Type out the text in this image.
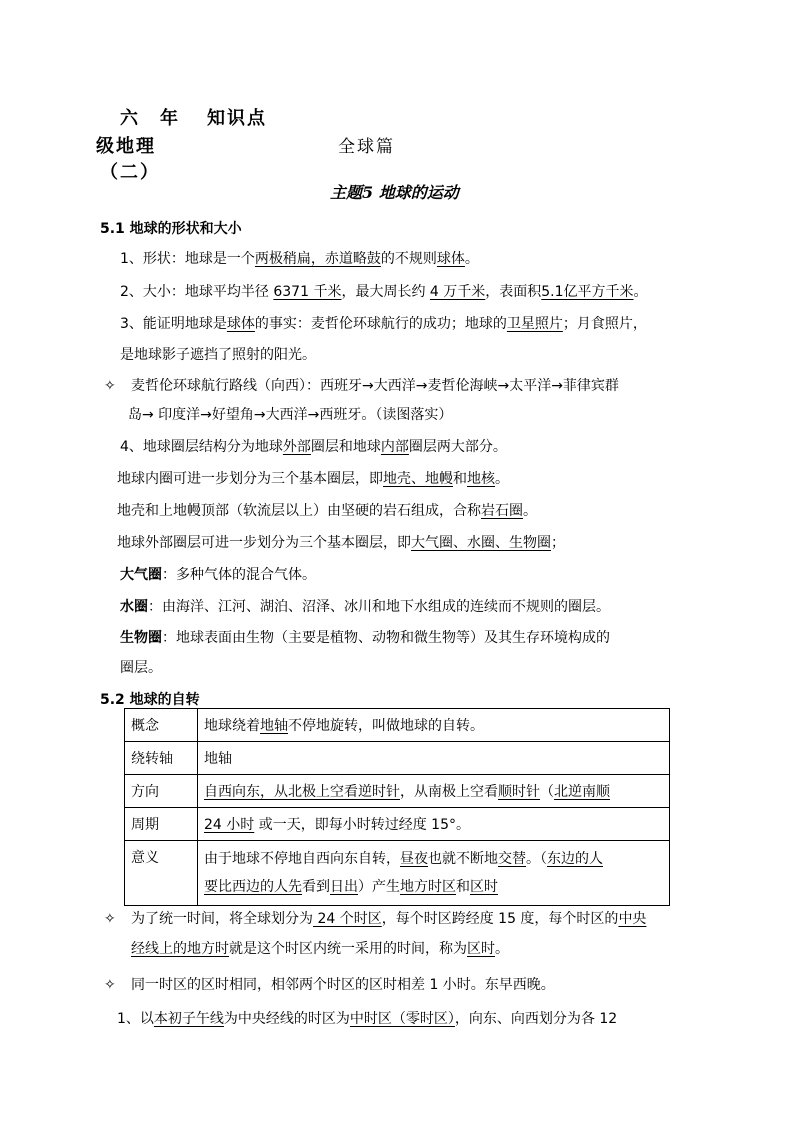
六　年 知识点
级地理	全球篇
（二）
主题5 地球的运动
5.1 地球的形状和大小
1、形状：地球是一个两极稍扁，赤道略鼓的不规则球体。
2、大小：地球平均半径 6371 千米，最大周长约 4 万千米，表面积5.1亿平方千米。
3、能证明地球是球体的事实：麦哲伦环球航行的成功；地球的卫星照片；月食照片，
是地球影子遮挡了照射的阳光。
✧ 麦哲伦环球航行路线（向西）：西班牙→大西洋→麦哲伦海峡→太平洋→菲律宾群
岛→ 印度洋→好望角→大西洋→西班牙。（读图落实）
4、地球圈层结构分为地球外部圈层和地球内部圈层两大部分。
地球内圈可进一步划分为三个基本圈层，即地壳、地幔和地核。
地壳和上地幔顶部（软流层以上）由坚硬的岩石组成，合称岩石圈。
地球外部圈层可进一步划分为三个基本圈层，即大气圈、水圈、生物圈；
大气圈：多种气体的混合气体。
水圈：由海洋、江河、湖泊、沼泽、冰川和地下水组成的连续而不规则的圈层。
生物圈：地球表面由生物（主要是植物、动物和微生物等）及其生存环境构成的
圈层。
5.2 地球的自转
概念	地球绕着地轴不停地旋转，叫做地球的自转。
绕转轴	地轴
方向	自西向东，从北极上空看逆时针，从南极上空看顺时针（北逆南顺
周期	24 小时 或一天，即每小时转过经度 15°。
意义	由于地球不停地自西向东自转，昼夜也就不断地交替。（东边的人
要比西边的人先看到日出）产生地方时区和区时
✧ 为了统一时间，将全球划分为 24 个时区，每个时区跨经度 15 度，每个时区的中央
经线上的地方时就是这个时区内统一采用的时间，称为区时。
✧ 同一时区的区时相同，相邻两个时区的区时相差 1 小时。东早西晚。
1、以本初子午线为中央经线的时区为中时区（零时区），向东、向西划分为各 12
